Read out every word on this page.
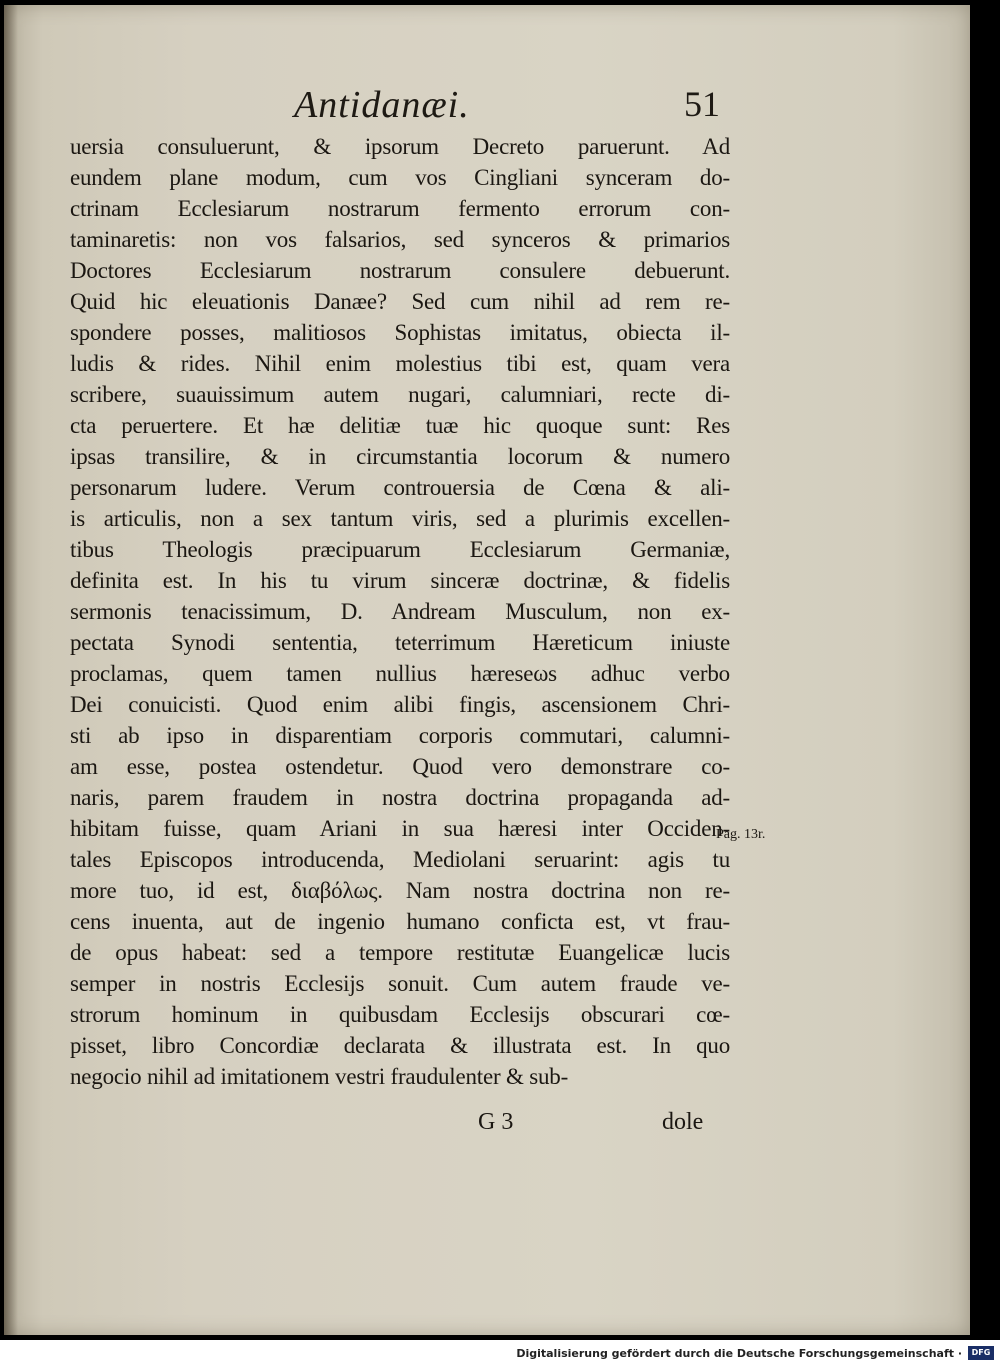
Antidanæi.	51
uersia consuluerunt, & ipsorum Decreto paruerunt. Ad
eundem plane modum, cum vos Cingliani synceram do-
ctrinam Ecclesiarum nostrarum fermento errorum con-
taminaretis: non vos falsarios, sed synceros & primarios
Doctores Ecclesiarum nostrarum consulere debuerunt.
Quid hic eleuationis Danæe? Sed cum nihil ad rem re-
spondere posses, malitiosos Sophistas imitatus, obiecta il-
ludis & rides. Nihil enim molestius tibi est, quam vera
scribere, suauissimum autem nugari, calumniari, recte di-
cta peruertere. Et hæ delitiæ tuæ hic quoque sunt: Res
ipsas transilire, & in circumstantia locorum & numero
personarum ludere. Verum controuersia de Cœna & ali-
is articulis, non a sex tantum viris, sed a plurimis excellen-
tibus Theologis præcipuarum Ecclesiarum Germaniæ,
definita est. In his tu virum sinceræ doctrinæ, & fidelis
sermonis tenacissimum, D. Andream Musculum, non ex-
pectata Synodi sententia, teterrimum Hæreticum iniuste
proclamas, quem tamen nullius hæreseωs adhuc verbo
Dei conuicisti. Quod enim alibi fingis, ascensionem Chri-
sti ab ipso in disparentiam corporis commutari, calumni-
am esse, postea ostendetur. Quod vero demonstrare co-
naris, parem fraudem in nostra doctrina propaganda ad-
hibitam fuisse, quam Ariani in sua hæresi inter Occiden-
tales Episcopos introducenda, Mediolani seruarint: agis tu
more tuo, id est, διαβόλως. Nam nostra doctrina non re-
cens inuenta, aut de ingenio humano conficta est, vt frau-
de opus habeat: sed a tempore restitutæ Euangelicæ lucis
semper in nostris Ecclesijs sonuit. Cum autem fraude ve-
strorum hominum in quibusdam Ecclesijs obscurari cœ-
pisset, libro Concordiæ declarata & illustrata est. In quo
negocio nihil ad imitationem vestri fraudulenter & sub-
Pag. 13r.
G 3	dole
Digitalisierung gefördert durch die Deutsche Forschungsgemeinschaft ·	DFG
